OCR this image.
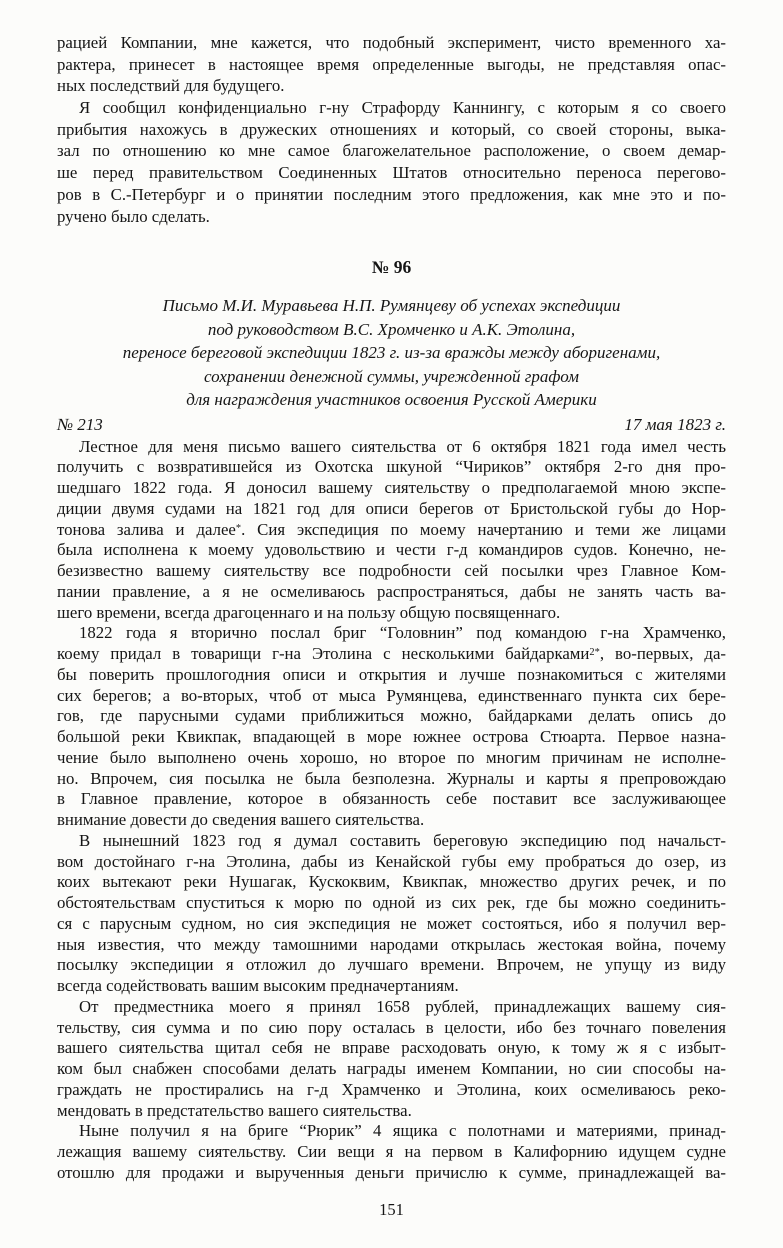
рацией Компании, мне кажется, что подобный эксперимент, чисто временного ха-
рактера, принесет в настоящее время определенные выгоды, не представляя опас-
ных последствий для будущего.
Я сообщил конфиденциально г-ну Страфорду Каннингу, с которым я со своего
прибытия нахожусь в дружеских отношениях и который, со своей стороны, выка-
зал по отношению ко мне самое благожелательное расположение, о своем демар-
ше перед правительством Соединенных Штатов относительно переноса перегово-
ров в С.-Петербург и о принятии последним этого предложения, как мне это и по-
ручено было сделать.
№ 96
Письмо М.И. Муравьева Н.П. Румянцеву об успехах экспедиции
под руководством В.С. Хромченко и А.К. Этолина,
переносе береговой экспедиции 1823 г. из-за вражды между аборигенами,
сохранении денежной суммы, учрежденной графом
для награждения участников освоения Русской Америки
№ 213	17 мая 1823 г.
Лестное для меня письмо вашего сиятельства от 6 октября 1821 года имел честь
получить с возвратившейся из Охотска шкуной “Чириков” октября 2-го дня про-
шедшаго 1822 года. Я доносил вашему сиятельству о предполагаемой мною экспе-
диции двумя судами на 1821 год для описи берегов от Бристольской губы до Нор-
тонова залива и далее*. Сия экспедиция по моему начертанию и теми же лицами
была исполнена к моему удовольствию и чести г-д командиров судов. Конечно, не-
безизвестно вашему сиятельству все подробности сей посылки чрез Главное Ком-
пании правление, а я не осмеливаюсь распространяться, дабы не занять часть ва-
шего времени, всегда драгоценнаго и на пользу общую посвященнаго.
1822 года я вторично послал бриг “Головнин” под командою г-на Храмченко,
коему придал в товарищи г-на Этолина с несколькими байдарками$^{2*}$, во-первых, да-
бы поверить прошлогодния описи и открытия и лучше познакомиться с жителями
сих берегов; а во-вторых, чтоб от мыса Румянцева, единственнаго пункта сих бере-
гов, где парусными судами приближиться можно, байдарками делать опись до
большой реки Квикпак, впадающей в море южнее острова Стюарта. Первое назна-
чение было выполнено очень хорошо, но второе по многим причинам не исполне-
но. Впрочем, сия посылка не была безполезна. Журналы и карты я препровождаю
в Главное правление, которое в обязанность себе поставит все заслуживающее
внимание довести до сведения вашего сиятельства.
В нынешний 1823 год я думал составить береговую экспедицию под начальст-
вом достойнаго г-на Этолина, дабы из Кенайской губы ему пробраться до озер, из
коих вытекают реки Нушагак, Кускоквим, Квикпак, множество других речек, и по
обстоятельствам спуститься к морю по одной из сих рек, где бы можно соединить-
ся с парусным судном, но сия экспедиция не может состояться, ибо я получил вер-
ныя известия, что между тамошними народами открылась жестокая война, почему
посылку экспедиции я отложил до лучшаго времени. Впрочем, не упущу из виду
всегда содействовать вашим высоким предначертаниям.
От предместника моего я принял 1658 рублей, принадлежащих вашему сия-
тельству, сия сумма и по сию пору осталась в целости, ибо без точнаго повеления
вашего сиятельства щитал себя не вправе расходовать оную, к тому ж я с избыт-
ком был снабжен способами делать награды именем Компании, но сии способы на-
граждать не простирались на г-д Храмченко и Этолина, коих осмеливаюсь реко-
мендовать в предстательство вашего сиятельства.
Ныне получил я на бриге “Рюрик” 4 ящика с полотнами и материями, принад-
лежащия вашему сиятельству. Сии вещи я на первом в Калифорнию идущем судне
отошлю для продажи и вырученныя деньги причислю к сумме, принадлежащей ва-
151
